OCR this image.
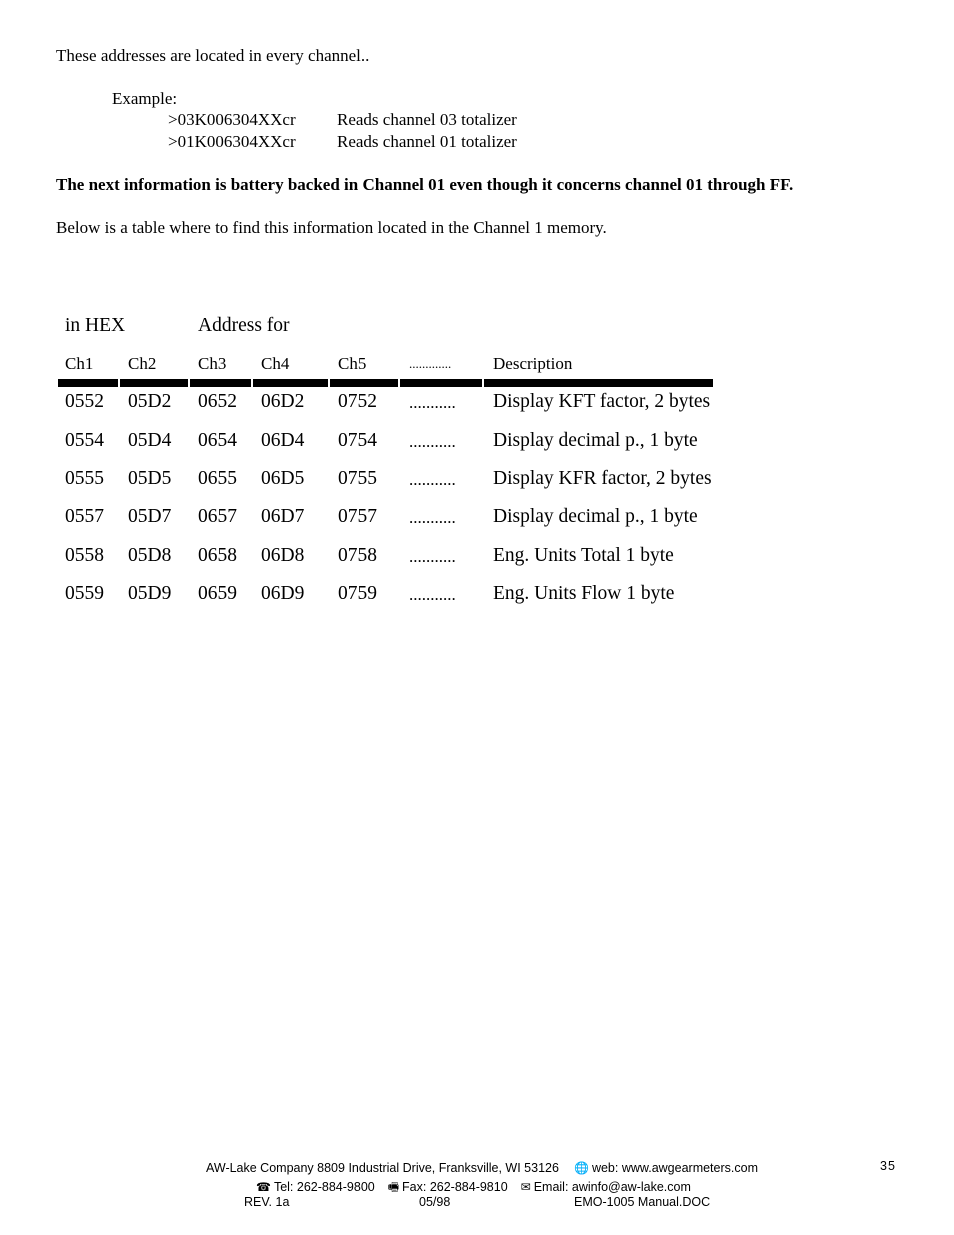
These addresses are located in every channel..
Example:
>03K006304XXcr Reads channel 03 totalizer
>01K006304XXcr Reads channel 01 totalizer
The next information is battery backed in Channel 01 even though it concerns channel 01 through FF.
Below is a table where to find this information located in the Channel 1 memory.
in HEX	Address for
Ch1 Ch2 Ch3 Ch4	Ch5	............. Description
0552 05D2 0652 06D2 0752 ........... Display KFT factor, 2 bytes
0554 05D4 0654 06D4 0754 ........... Display decimal p., 1 byte
0555 05D5 0655 06D5 0755 ........... Display KFR factor, 2 bytes
0557 05D7 0657 06D7 0757 ........... Display decimal p., 1 byte
0558 05D8 0658 06D8 0758 ........... Eng. Units Total 1 byte
0559 05D9 0659 06D9 0759 ........... Eng. Units Flow 1 byte
AW-Lake Company 8809 Industrial Drive, Franksville, WI 53126 🌐 web: www.awgearmeters.com
☎ Tel: 262-884-9800 🖷 Fax: 262-884-9810 ✉ Email: awinfo@aw-lake.com
REV. 1a	05/98	EMO-1005 Manual.DOC
35
